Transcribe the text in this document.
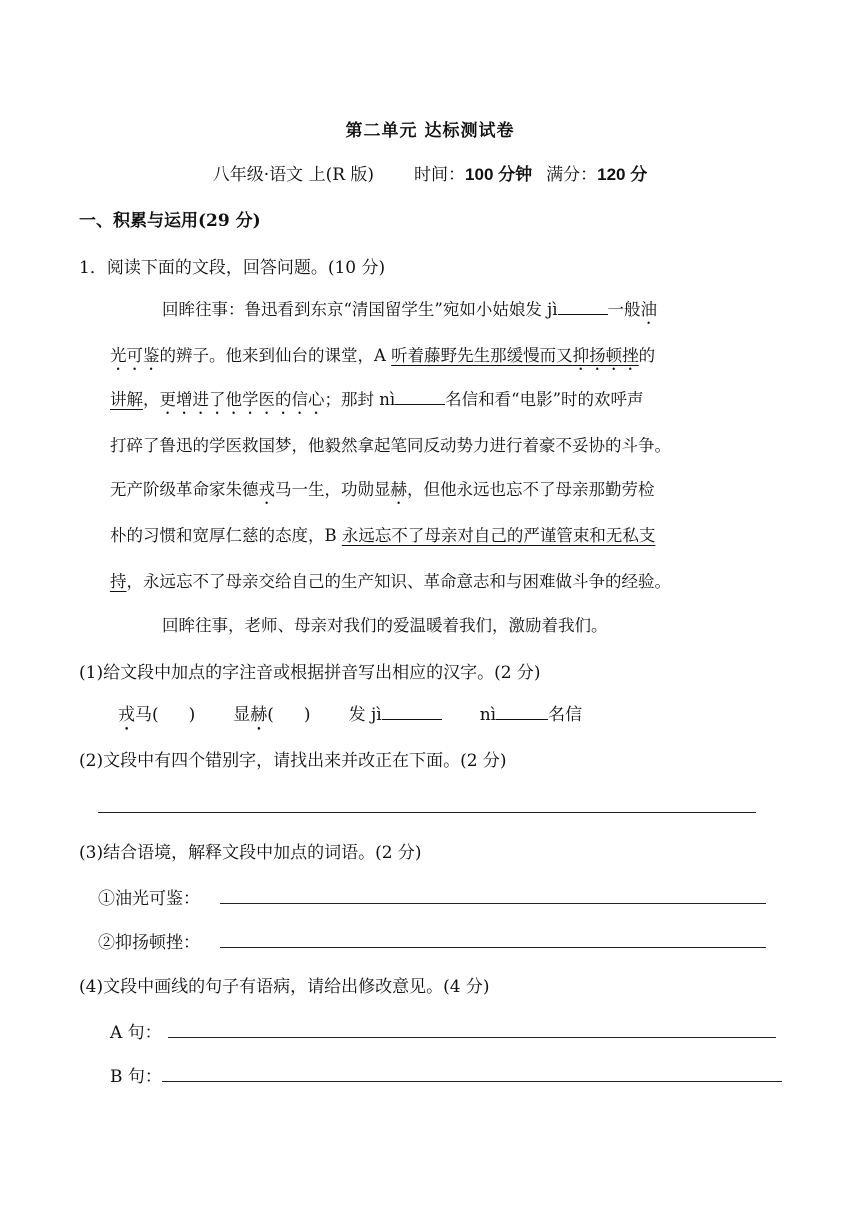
第二单元 达标测试卷
八年级·语文 上(R 版) 时间：100 分钟 满分：120 分
一、积累与运用(29 分)
1．阅读下面的文段，回答问题。(10 分)
回眸往事：鲁迅看到东京“清国留学生”宛如小姑娘发 jì	一般油
光可鉴的辨子。他来到仙台的课堂，A 听着藤野先生那缓慢而又抑扬顿挫的
讲解，更增进了他学医的信心；那封 nì	名信和看“电影”时的欢呼声
打碎了鲁迅的学医救国梦，他毅然拿起笔同反动势力进行着豪不妥协的斗争。
无产阶级革命家朱德戎马一生，功勋显赫，但他永远也忘不了母亲那勤劳检
朴的习惯和宽厚仁慈的态度，B 永远忘不了母亲对自己的严谨管束和无私支
持，永远忘不了母亲交给自己的生产知识、革命意志和与困难做斗争的经验。
回眸往事，老师、母亲对我们的爱温暖着我们，激励着我们。
(1)给文段中加点的字注音或根据拼音写出相应的汉字。(2 分)
戎马( ) 显赫( ) 发 jì	nì	名信
(2)文段中有四个错别字，请找出来并改正在下面。(2 分)
(3)结合语境，解释文段中加点的词语。(2 分)
①油光可鉴：
②抑扬顿挫：
(4)文段中画线的句子有语病，请给出修改意见。(4 分)
A 句：
B 句：
